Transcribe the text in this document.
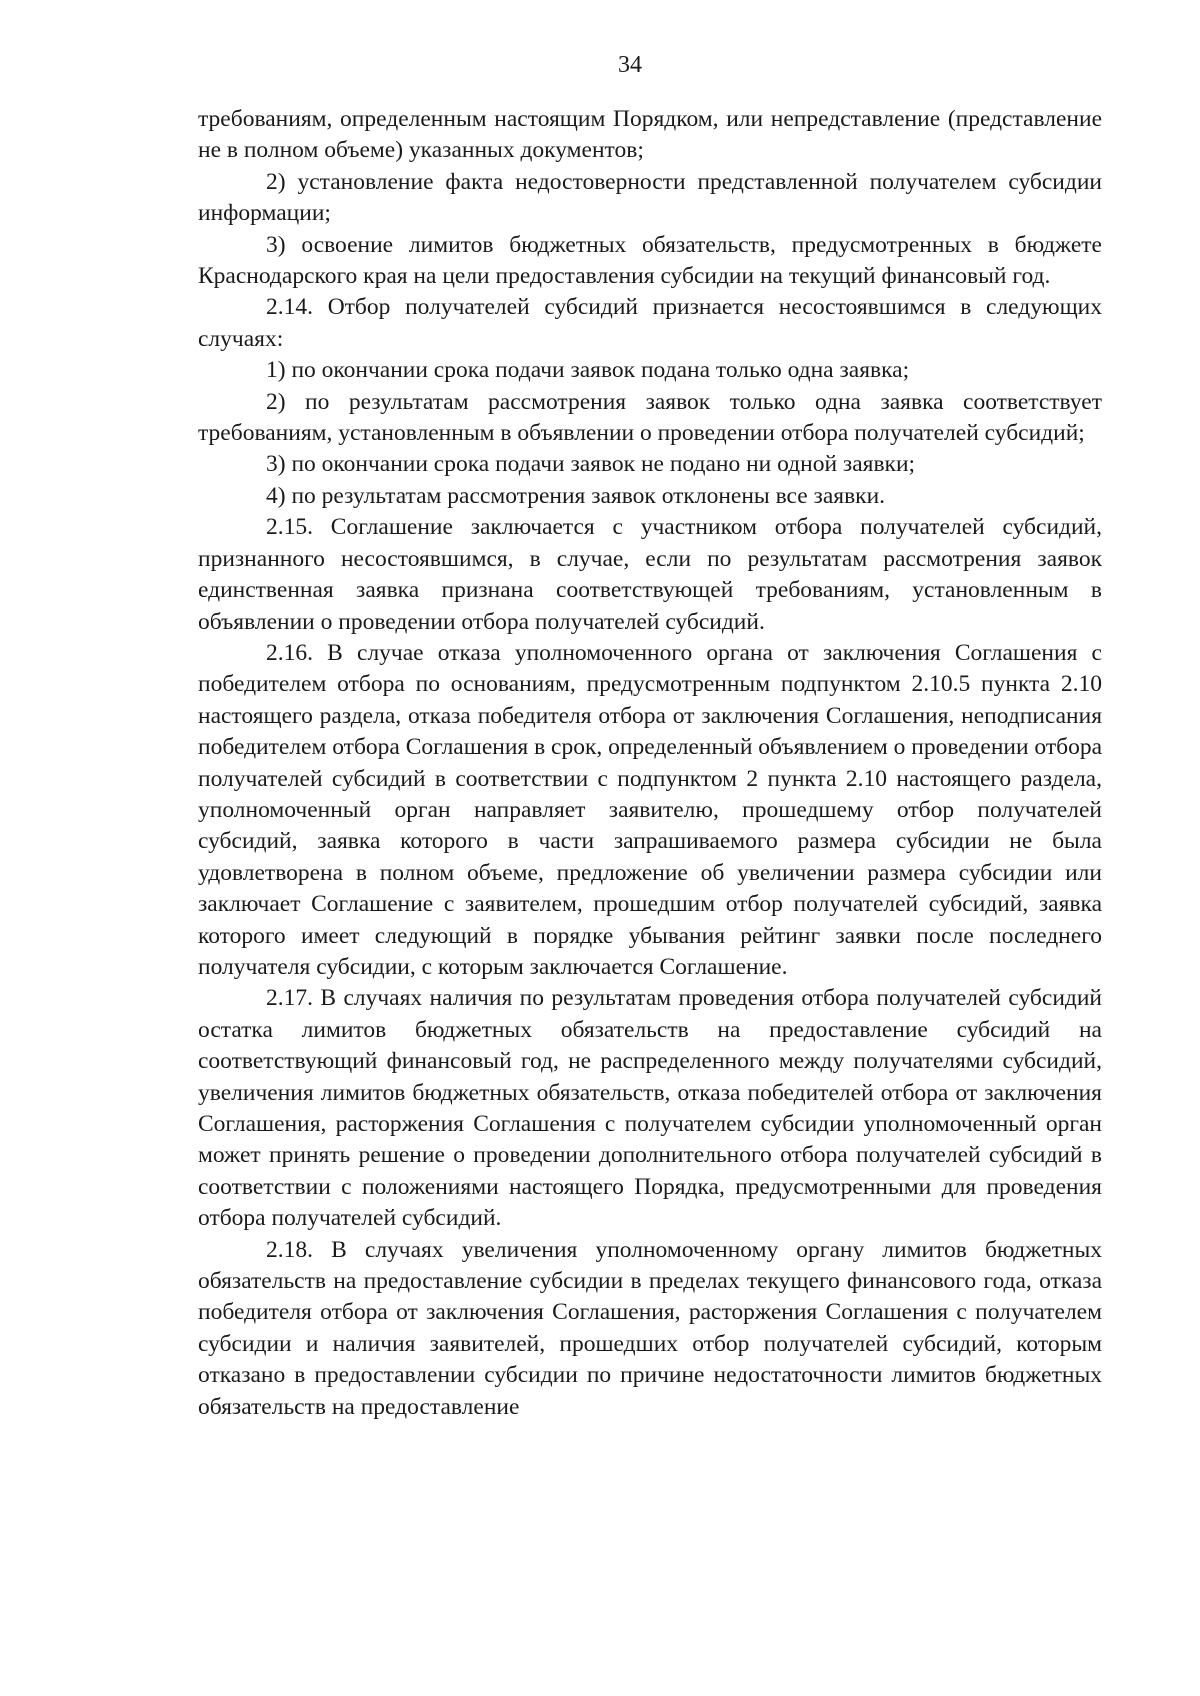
34

требованиям, определенным настоящим Порядком, или непредставление (представление не в полном объеме) указанных документов;

2) установление факта недостоверности представленной получателем субсидии информации;

3) освоение лимитов бюджетных обязательств, предусмотренных в бюджете Краснодарского края на цели предоставления субсидии на текущий финансовый год.

2.14. Отбор получателей субсидий признается несостоявшимся в следующих случаях:

1) по окончании срока подачи заявок подана только одна заявка;

2) по результатам рассмотрения заявок только одна заявка соответствует требованиям, установленным в объявлении о проведении отбора получателей субсидий;

3) по окончании срока подачи заявок не подано ни одной заявки;

4) по результатам рассмотрения заявок отклонены все заявки.

2.15. Соглашение заключается с участником отбора получателей субсидий, признанного несостоявшимся, в случае, если по результатам рассмотрения заявок единственная заявка признана соответствующей требованиям, установленным в объявлении о проведении отбора получателей субсидий.

2.16. В случае отказа уполномоченного органа от заключения Соглашения с победителем отбора по основаниям, предусмотренным подпунктом 2.10.5 пункта 2.10 настоящего раздела, отказа победителя отбора от заключения Соглашения, неподписания победителем отбора Соглашения в срок, определенный объявлением о проведении отбора получателей субсидий в соответствии с подпунктом 2 пункта 2.10 настоящего раздела, уполномоченный орган направляет заявителю, прошедшему отбор получателей субсидий, заявка которого в части запрашиваемого размера субсидии не была удовлетворена в полном объеме, предложение об увеличении размера субсидии или заключает Соглашение с заявителем, прошедшим отбор получателей субсидий, заявка которого имеет следующий в порядке убывания рейтинг заявки после последнего получателя субсидии, с которым заключается Соглашение.

2.17. В случаях наличия по результатам проведения отбора получателей субсидий остатка лимитов бюджетных обязательств на предоставление субсидий на соответствующий финансовый год, не распределенного между получателями субсидий, увеличения лимитов бюджетных обязательств, отказа победителей отбора от заключения Соглашения, расторжения Соглашения с получателем субсидии уполномоченный орган может принять решение о проведении дополнительного отбора получателей субсидий в соответствии с положениями настоящего Порядка, предусмотренными для проведения отбора получателей субсидий.

2.18. В случаях увеличения уполномоченному органу лимитов бюджетных обязательств на предоставление субсидии в пределах текущего финансового года, отказа победителя отбора от заключения Соглашения, расторжения Соглашения с получателем субсидии и наличия заявителей, прошедших отбор получателей субсидий, которым отказано в предоставлении субсидии по причине недостаточности лимитов бюджетных обязательств на предоставление
